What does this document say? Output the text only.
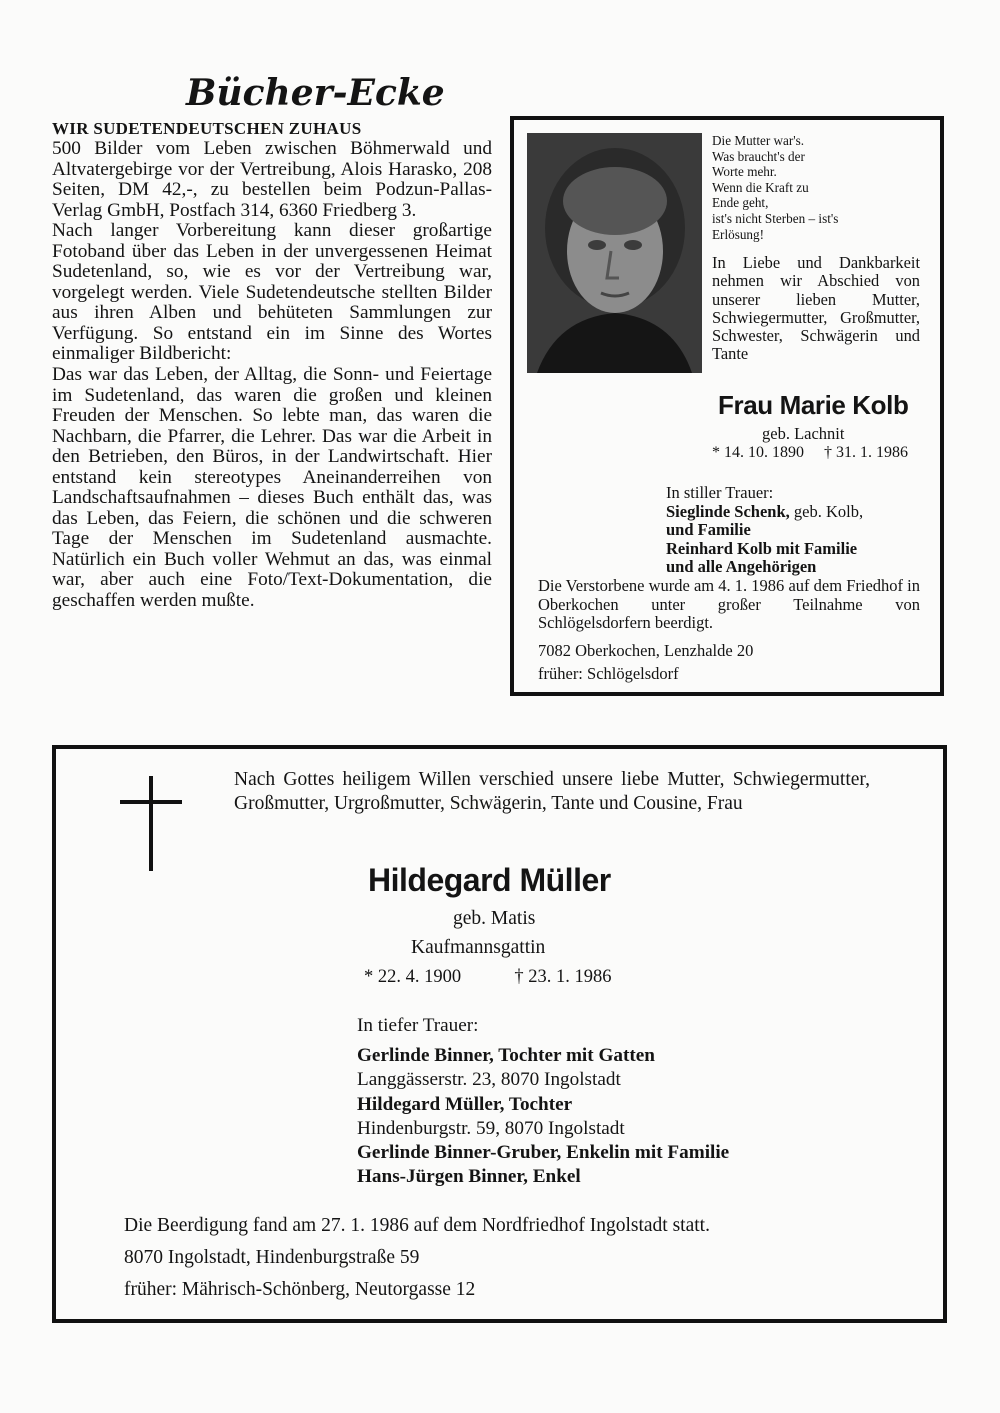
Bücher-Ecke
WIR SUDETENDEUTSCHEN ZUHAUS

500 Bilder vom Leben zwischen Böhmerwald und Altvatergebirge vor der Vertreibung, Alois Harasko, 208 Seiten, DM 42,-, zu bestellen beim Podzun-Pallas-Verlag GmbH, Postfach 314, 6360 Friedberg 3.

Nach langer Vorbereitung kann dieser großartige Fotoband über das Leben in der unvergessenen Heimat Sudetenland, so, wie es vor der Vertreibung war, vorgelegt werden. Viele Sudetendeutsche stellten Bilder aus ihren Alben und behüteten Sammlungen zur Verfügung. So entstand ein im Sinne des Wortes einmaliger Bildbericht:

Das war das Leben, der Alltag, die Sonn- und Feiertage im Sudetenland, das waren die großen und kleinen Freuden der Menschen. So lebte man, das waren die Nachbarn, die Pfarrer, die Lehrer. Das war die Arbeit in den Betrieben, den Büros, in der Landwirtschaft. Hier entstand kein stereotypes Aneinanderreihen von Landschaftsaufnahmen – dieses Buch enthält das, was das Leben, das Feiern, die schönen und die schweren Tage der Menschen im Sudetenland ausmachte. Natürlich ein Buch voller Wehmut an das, was einmal war, aber auch eine Foto/Text-Dokumentation, die geschaffen werden mußte.

Die Mutter war's.
Was braucht's der
Worte mehr.
Wenn die Kraft zu
Ende geht,
ist's nicht Sterben – ist's
Erlösung!
In Liebe und Dankbarkeit nehmen wir Abschied von unserer lieben Mutter, Schwiegermutter, Großmutter, Schwester, Schwägerin und Tante
Frau Marie Kolb
geb. Lachnit
* 14. 10. 1890 † 31. 1. 1986
In stiller Trauer:
Sieglinde Schenk, geb. Kolb,
und Familie
Reinhard Kolb mit Familie
und alle Angehörigen
Die Verstorbene wurde am 4. 1. 1986 auf dem Friedhof in Oberkochen unter großer Teilnahme von Schlögelsdorfern beerdigt.
7082 Oberkochen, Lenzhalde 20
früher: Schlögelsdorf
Nach Gottes heiligem Willen verschied unsere liebe Mutter, Schwiegermutter, Großmutter, Urgroßmutter, Schwägerin, Tante und Cousine, Frau
Hildegard Müller
geb. Matis
Kaufmannsgattin
* 22. 4. 1900	† 23. 1. 1986
In tiefer Trauer:
Gerlinde Binner, Tochter mit Gatten
Langgässerstr. 23, 8070 Ingolstadt
Hildegard Müller, Tochter
Hindenburgstr. 59, 8070 Ingolstadt
Gerlinde Binner-Gruber, Enkelin mit Familie
Hans-Jürgen Binner, Enkel
Die Beerdigung fand am 27. 1. 1986 auf dem Nordfriedhof Ingolstadt statt.
8070 Ingolstadt, Hindenburgstraße 59
früher: Mährisch-Schönberg, Neutorgasse 12
